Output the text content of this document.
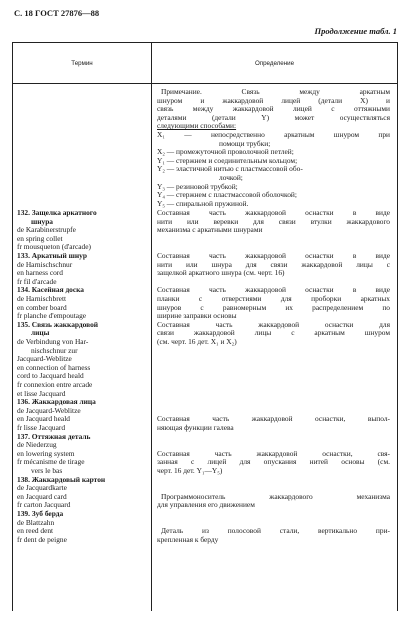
С. 18 ГОСТ 27876—88
Продолжение табл. 1
Термин	Определение
Примечание. Связь между аркатным
шнуром и жаккардовой лицей (детали X) и
связь между жаккардовой лицей с оттяжными
деталями (детали Y) может осуществляться
следующими способами:
X₁ — непосредственно аркатным шнуром при
помощи трубки;
X₂ — промежуточной проволочной петлей;
Y₁ — стержнем и соединительным кольцом;
Y₂ — эластичной нитью с пластмассовой обо-
лочкой;
Y₃ — резиновой трубкой;
Y₄ — стержнем с пластмассовой оболочкой;
Y₅ — спиральной пружиной.
132. Защелка аркатного
шнура
de Karabinerstrupfe
en spring collet
fr mousqueton (d'arcade)
Составная часть жаккардовой оснастки в виде
нити или веревки для связи втулки жаккардового
механизма с аркатными шнурами
133. Аркатный шнур
de Harnischschnur
en harness cord
fr fil d'arcade
Составная часть жаккардовой оснастки в виде
нити или шнура для связи жаккардовой лицы с
защелкой аркатного шнура (см. черт. 16)
134. Касейная доска
de Harnischbrett
en comber board
fr planche d'empoutage
Составная часть жаккардовой оснастки в виде
планки с отверстиями для проборки аркатных
шнуров с равномерным их распределением по
ширине заправки основы
135. Связь жаккардовой
лицы
de Verbindung von Har-
nischschnur zur
Jacquard-Weblitze
en connection of harness
cord to Jacquard heald
fr connexion entre arcade
et lisse Jacquard
Составная часть жаккардовой оснастки для
связи жаккардовой лицы с аркатным шнуром
(см. черт. 16 дет. X₁ и X₂)
136. Жаккардовая лица
de Jacquard-Weblitze
en Jacquard heald
fr lisse Jacquard
Составная часть жаккардовой оснастки, выпол-
няющая функции галева
137. Оттяжная деталь
de Niederzug
en lowering system
fr mécanisme de tirage
vers le bas
Составная часть жаккардовой оснастки, свя-
занная с лицей для опускания нитей основы (см.
черт. 16 дет. Y₁—Y₅)
138. Жаккардовый картон
de Jacquardkarte
en Jacquard card
fr carton Jacquard
Программоноситель жаккардового механизма
для управления его движением
139. Зуб берда
de Blattzahn
en reed dent
fr dent de peigne
Деталь из полосовой стали, вертикально при-
крепленная к берду
